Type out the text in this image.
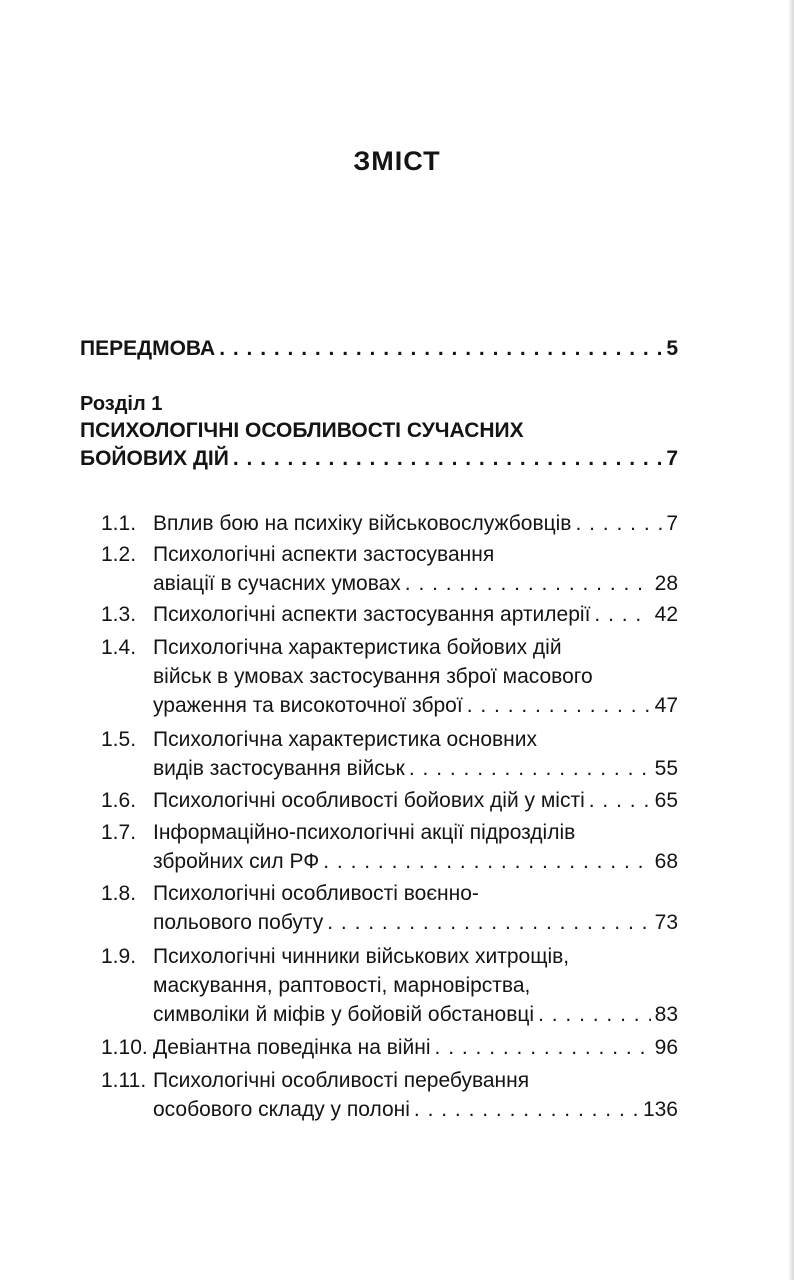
ЗМІСТ
ПЕРЕДМОВА . . .	5
Розділ 1
ПСИХОЛОГІЧНІ ОСОБЛИВОСТІ СУЧАСНИХ
БОЙОВИХ ДІЙ . . .	7
1.1. Вплив бою на психіку військовослужбовців . . .	7
1.2. Психологічні аспекти застосування
авіації в сучасних умовах . . .	28
1.3. Психологічні аспекти застосування артилерії . . .	42
1.4. Психологічна характеристика бойових дій
військ в умовах застосування зброї масового
ураження та високоточної зброї . . .	47
1.5. Психологічна характеристика основних
видів застосування військ . . .	55
1.6. Психологічні особливості бойових дій у місті . . .	65
1.7. Інформаційно-психологічні акції підрозділів
збройних сил РФ . . .	68
1.8. Психологічні особливості воєнно-
польового побуту . . .	73
1.9. Психологічні чинники військових хитрощів,
маскування, раптовості, марновірства,
символіки й міфів у бойовій обстановці . . .	83
1.10. Девіантна поведінка на війні . . .	96
1.11. Психологічні особливості перебування
особового складу у полоні . . .	136
